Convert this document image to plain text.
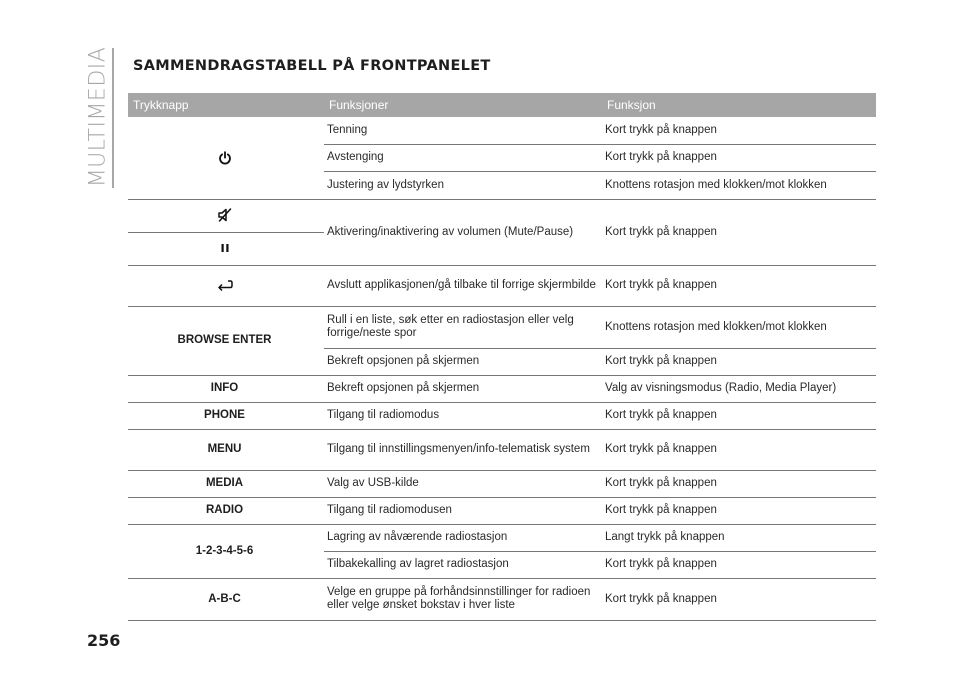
MULTIMEDIA SAMMENDRAGSTABELL PÅ FRONTPANELET
Trykknapp	Funksjoner	Funksjon
	Tenning	Kort trykk på knappen
	Avstenging	Kort trykk på knappen
	Justering av lydstyrken	Knottens rotasjon med klokken/mot klokken
	Aktivering/inaktivering av volumen (Mute/Pause)	Kort trykk på knappen

	Avslutt applikasjonen/gå tilbake til forrige skjermbilde	Kort trykk på knappen
BROWSE ENTER	Rull i en liste, søk etter en radiostasjon eller velg forrige/neste spor	Knottens rotasjon med klokken/mot klokken
	Bekreft opsjonen på skjermen	Kort trykk på knappen
INFO	Bekreft opsjonen på skjermen	Valg av visningsmodus (Radio, Media Player)
PHONE	Tilgang til radiomodus	Kort trykk på knappen
MENU	Tilgang til innstillingsmenyen/info-telematisk system	Kort trykk på knappen
MEDIA	Valg av USB-kilde	Kort trykk på knappen
RADIO	Tilgang til radiomodusen	Kort trykk på knappen
1-2-3-4-5-6	Lagring av nåværende radiostasjon	Langt trykk på knappen
	Tilbakekalling av lagret radiostasjon	Kort trykk på knappen
A-B-C	Velge en gruppe på forhåndsinnstillinger for radioen eller velge ønsket bokstav i hver liste	Kort trykk på knappen
256
